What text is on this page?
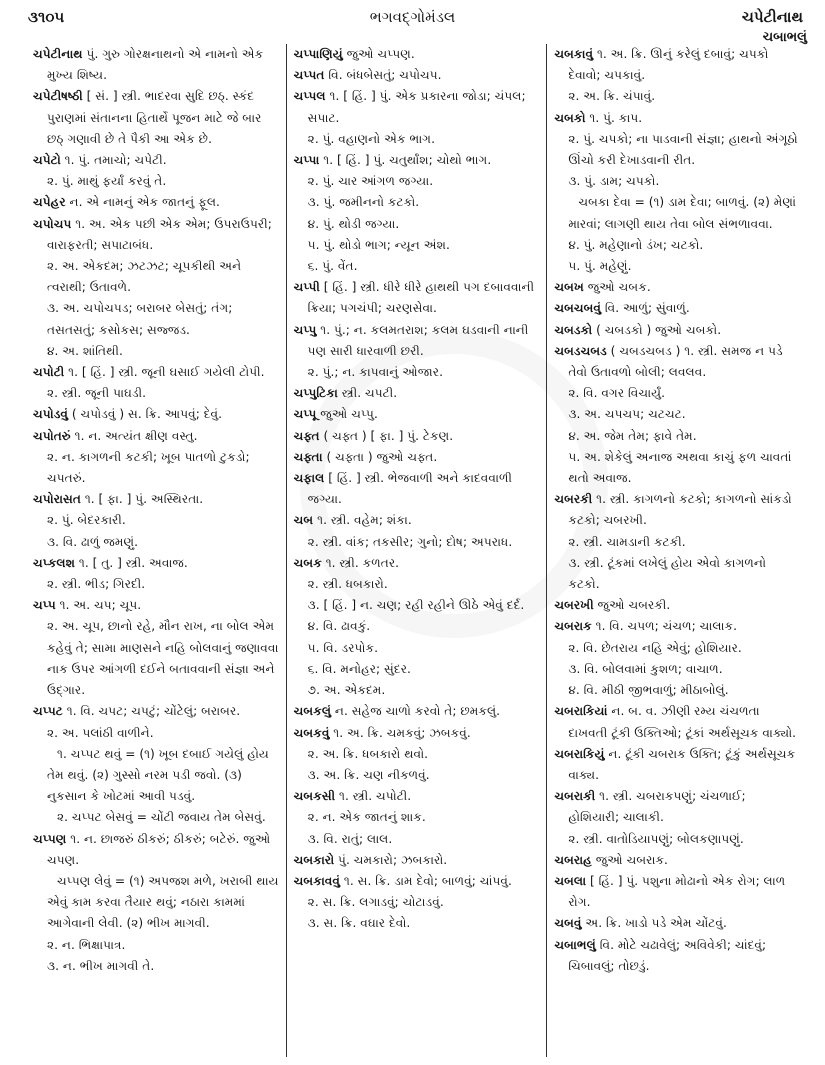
૩૧૦૫	ભગવદ્ગોમંડલ	ચપેટીનાથ
ચબાભલું

ચપેટીનાથ પું. ગુરુ ગોરક્ષનાથનો એ નામનો એક મુખ્ય શિષ્ય.

ચપેટીષષ્ઠી [ સં. ] સ્ત્રી. ભાદરવા સુદિ છઠ્. સ્કંદ પુરાણમાં સંતાનના હિતાર્થે પૂજન માટે જે બાર છઠ્ ગણાવી છે તે પૈકી આ એક છે.

ચપેટો ૧. પું. તમાચો; ચપેટી.

૨. પું. માથું ફર્યાં કરવું તે.

ચપેહર ન. એ નામનું એક જાતનું ફૂલ.

ચપોચપ ૧. અ. એક પછી એક એમ; ઉપરાઉપરી; વારાફરતી; સપાટાબંધ.

૨. અ. એકદમ; ઝટઝટ; ચૂપકીથી અને ત્વરાથી; ઉતાવળે.

૩. અ. ચપોચપડ; બરાબર બેસતું; તંગ; તસતસતું; કસોકસ; સજ્જડ.

૪. અ. શાંતિથી.

ચપોટી ૧. [ હિં. ] સ્ત્રી. જૂની ઘસાઈ ગયેલી ટોપી.

૨. સ્ત્રી. જૂની પાઘડી.

ચપોડવું ( ચપોડવું ) સ. ક્રિ. આપવું; દેવું.

ચપોતરું ૧. ન. અત્યંત ક્ષીણ વસ્તુ.

૨. ન. કાગળની કટકી; ખૂબ પાતળો ટુકડો; ચપતરું.

ચપોરાસત ૧. [ ફા. ] પું. અસ્થિરતા.

૨. પું. બેદરકારી.

૩. વિ. ઢાળું જમણું.

ચપ્કલશ ૧. [ તુ. ] સ્ત્રી. અવાજ.

૨. સ્ત્રી. ભીડ; ગિરદી.

ચપ્પ ૧. અ. ચપ; ચૂપ.

૨. અ. ચૂપ, છાનો રહે, મૌન રાખ, ના બોલ એમ કહેવું તે; સામા માણસને નહિ બોલવાનું જણાવવા નાક ઉપર આંગળી દઈને બતાવવાની સંજ્ઞા અને ઉદ્ગાર.

ચપ્પટ ૧. વિ. ચપટ; ચપટું; ચોંટેલું; બરાબર.

૨. અ. પલાંઠી વાળીને.

૧. ચપ્પટ થવું = (૧) ખૂબ દબાઈ ગયેલું હોય તેમ થવું. (૨) ગુસ્સો નરમ પડી જવો. (૩) નુકસાન કે ખોટમાં આવી પડવું.

૨. ચપ્પટ બેસવું = ચોંટી જવાય તેમ બેસવું.

ચપ્પણ ૧. ન. છાજરું ઠીકરું; ઠીકરું; બટેરું. જુઓ ચપણ.

ચપ્પણ લેવું = (૧) અપજશ મળે, ખરાબી થાય એવું કામ કરવા તૈયાર થવું; નઠારા કામમાં આગેવાની લેવી. (૨) ભીખ માગવી.

૨. ન. ભિક્ષાપાત્ર.

૩. ન. ભીખ માગવી તે.

ચપ્પાણિયું જુઓ ચપ્પણ.

ચપ્પત વિ. બંધબેસતું; ચપોચપ.

ચપ્પલ ૧. [ હિં. ] પું. એક પ્રકારના જોડા; ચંપલ; સપાટ.

૨. પું. વહાણનો એક ભાગ.

ચપ્પા ૧. [ હિં. ] પું. ચતુર્થાંશ; ચોથો ભાગ.

૨. પું. ચાર આંગળ જગ્યા.

૩. પું. જમીનનો કટકો.

૪. પું. થોડી જગ્યા.

૫. પું. થોડો ભાગ; ન્યૂન અંશ.

૬. પું. વેંત.

ચપ્પી [ હિં. ] સ્ત્રી. ધીરે ધીરે હાથથી પગ દબાવવાની ક્રિયા; પગચંપી; ચરણસેવા.

ચપ્પુ ૧. પું.; ન. કલમતરાશ; કલમ ઘડવાની નાની પણ સારી ધારવાળી છરી.

૨. પું.; ન. કાપવાનું ઓજાર.

ચપ્પુટિકા સ્ત્રી. ચપટી.

ચપ્પૂ જુઓ ચપ્પુ.

ચફ્ત ( ચફ્ત ) [ ફા. ] પું. ટેકણ.

ચફ્તા ( ચફ્તા ) જુઓ ચફ્ત.

ચફાલ [ હિં. ] સ્ત્રી. ભેજવાળી અને કાદવવાળી જગ્યા.

ચબ ૧. સ્ત્રી. વહેમ; શંકા.

૨. સ્ત્રી. વાંક; તકસીર; ગુનો; દોષ; અપરાધ.

ચબક ૧. સ્ત્રી. કળતર.

૨. સ્ત્રી. ધબકારો.

૩. [ હિં. ] ન. ચણ; રહી રહીને ઊઠે એવું દર્દ.

૪. વિ. ઢાવકું.

૫. વિ. ડરપોક.

૬. વિ. મનોહર; સુંદર.

૭. અ. એકદમ.

ચબકલું ન. સહેજ ચાળો કરવો તે; છમકલું.

ચબકવું ૧. અ. ક્રિ. ચમકવું; ઝબકવું.

૨. અ. ક્રિ. ધબકારો થવો.

૩. અ. ક્રિ. ચણ નીકળવું.

ચબકસી ૧. સ્ત્રી. ચપોટી.

૨. ન. એક જાતનું શાક.

૩. વિ. રાતું; લાલ.

ચબકારો પું. ચમકારો; ઝબકારો.

ચબકાવવું ૧. સ. ક્રિ. ડામ દેવો; બાળવું; ચાંપવું.

૨. સ. ક્રિ. લગાડવું; ચોટાડવું.

૩. સ. ક્રિ. વઘાર દેવો.

ચબકાવું ૧. અ. ક્રિ. ઊનું કરેલું દબાવું; ચપકો દેવાવો; ચપકાવું.

૨. અ. ક્રિ. ચંપાવું.

ચબકો ૧. પું. કાપ.

૨. પું. ચપકો; ના પાડવાની સંજ્ઞા; હાથનો અંગૂઠો ઊંચો કરી દેખાડવાની રીત.

૩. પું. ડામ; ચપકો.

ચબકા દેવા = (૧) ડામ દેવા; બાળવું. (૨) મેણાં મારવાં; લાગણી થાય તેવા બોલ સંભળાવવા.

૪. પું. મહેણાનો ડંખ; ચટકો.

૫. પું. મહેણું.

ચબખ જુઓ ચબક.

ચબચબવું વિ. આળું; સુંવાળું.

ચબડકો ( ચબડકો ) જુઓ ચબકો.

ચબડચબડ ( ચબડચબડ ) ૧. સ્ત્રી. સમજ ન પડે તેવો ઉતાવળો બોલી; લવલવ.

૨. વિ. વગર વિચાર્યું.

૩. અ. ચપચપ; ચટચટ.

૪. અ. જેમ તેમ; ફાવે તેમ.

૫. અ. શેકેલું અનાજ અથવા કાચું ફળ ચાવતાં થતો અવાજ.

ચબરકી ૧. સ્ત્રી. કાગળનો કટકો; કાગળનો સાંકડો કટકો; ચબરખી.

૨. સ્ત્રી. ચામડાની કટકી.

૩. સ્ત્રી. ટૂંકમાં લખેલું હોય એવો કાગળનો કટકો.

ચબરખી જુઓ ચબરકી.

ચબરાક ૧. વિ. ચપળ; ચંચળ; ચાલાક.

૨. વિ. છેતરાય નહિ એવું; હોશિયાર.

૩. વિ. બોલવામાં કુશળ; વાચાળ.

૪. વિ. મીઠી જીભવાળું; મીઠાબોલું.

ચબરાકિયાં ન. બ. વ. ઝીણી રમ્ય ચંચળતા દાખવતી ટૂંકી ઉક્તિઓ; ટૂંકાં અર્થસૂચક વાક્યો.

ચબરાકિયું ન. ટૂંકી ચબરાક ઉક્તિ; ટૂંકું અર્થસૂચક વાક્ય.

ચબરાકી ૧. સ્ત્રી. ચબરાકપણું; ચંચળાઈ; હોશિયારી; ચાલાકી.

૨. સ્ત્રી. વાતોડિયાપણું; બોલકણાપણું.

ચબરાહ જુઓ ચબરાક.

ચબલા [ હિં. ] પું. પશુના મોઢાનો એક રોગ; લાળ રોગ.

ચબવું અ. ક્રિ. ખાડો પડે એમ ચોંટવું.

ચબાભલું વિ. મોટે ચઢાવેલું; અવિવેકી; ચાંદવું; ચિબાવલું; તોછડું.
